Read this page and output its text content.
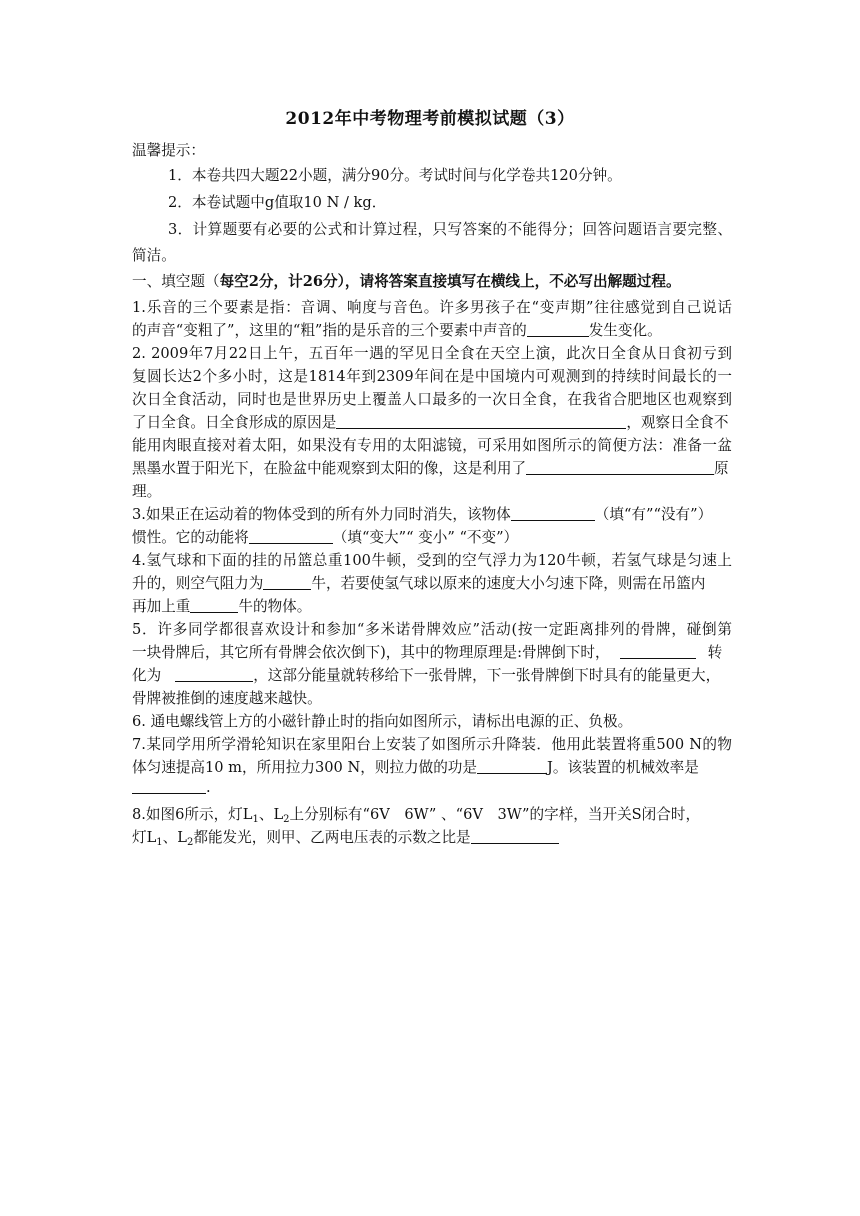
2012年中考物理考前模拟试题（3）
温馨提示：
1．本卷共四大题22小题，满分90分。考试时间与化学卷共120分钟。
2．本卷试题中g值取10 N / kg．
3．计算题要有必要的公式和计算过程，只写答案的不能得分；回答问题语言要完整、
简洁。
一、填空题（每空2分，计26分），请将答案直接填写在横线上，不必写出解题过程。
1.乐音的三个要素是指：音调、响度与音色。许多男孩子在“变声期”往往感觉到自己说话
的声音“变粗了”，这里的“粗”指的是乐音的三个要素中声音的	发生变化。
2. 2009年7月22日上午，五百年一遇的罕见日全食在天空上演，此次日全食从日食初亏到
复圆长达2个多小时，这是1814年到2309年间在是中国境内可观测到的持续时间最长的一
次日全食活动，同时也是世界历史上覆盖人口最多的一次日全食，在我省合肥地区也观察到
了日全食。日全食形成的原因是	，观察日全食不
能用肉眼直接对着太阳，如果没有专用的太阳滤镜，可采用如图所示的简便方法：准备一盆
黑墨水置于阳光下，在脸盆中能观察到太阳的像，这是利用了	原
理。
3.如果正在运动着的物体受到的所有外力同时消失，该物体	（填“有”“没有”）
惯性。它的动能将	（填“变大”“ 变小” “不变”）
4.氢气球和下面的挂的吊篮总重100牛顿，受到的空气浮力为120牛顿，若氢气球是匀速上
升的，则空气阻力为	牛，若要使氢气球以原来的速度大小匀速下降，则需在吊篮内
再加上重	牛的物体。
5．许多同学都很喜欢设计和参加“多米诺骨牌效应”活动(按一定距离排列的骨牌，碰倒第
一块骨牌后，其它所有骨牌会依次倒下)，其中的物理原理是:骨牌倒下时，	转
化为	，这部分能量就转移给下一张骨牌，下一张骨牌倒下时具有的能量更大，
骨牌被推倒的速度越来越快。
6. 通电螺线管上方的小磁针静止时的指向如图所示，请标出电源的正、负极。
7.某同学用所学滑轮知识在家里阳台上安装了如图所示升降装．他用此装置将重500 N的物
体匀速提高10 m，所用拉力300 N，则拉力做的功是	J。该装置的机械效率是
.
8.如图6所示，灯$L_1$、$L_2$上分别标有“6V　6W” 、“6V　3W”的字样，当开关S闭合时，
灯$L_1$、$L_2$都能发光，则甲、乙两电压表的示数之比是
